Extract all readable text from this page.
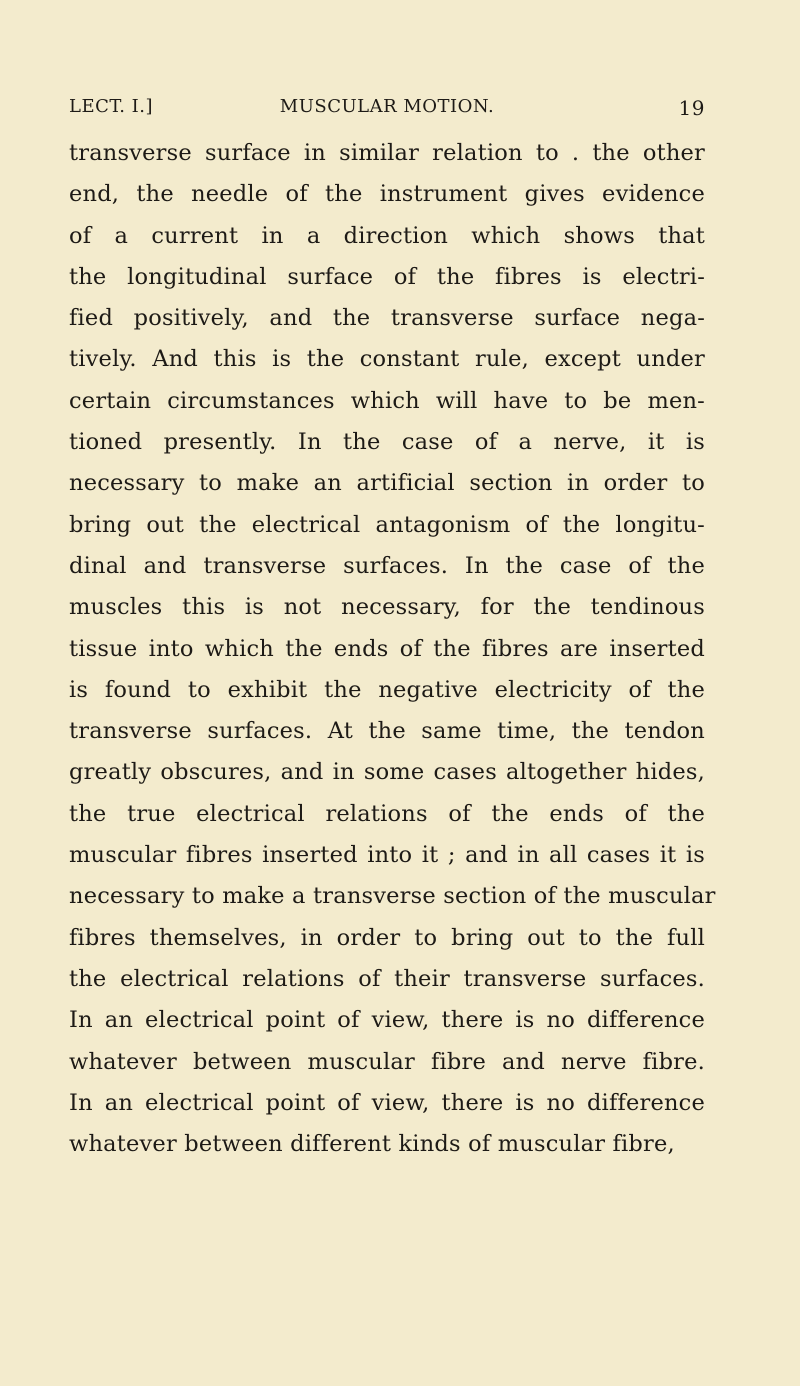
LECT. I.]	MUSCULAR MOTION.	19
transverse surface in similar relation to . the other
end, the needle of the instrument gives evidence
of a current in a direction which shows that
the longitudinal surface of the fibres is electri-
fied positively, and the transverse surface nega-
tively. And this is the constant rule, except under
certain circumstances which will have to be men-
tioned presently. In the case of a nerve, it is
necessary to make an artificial section in order to
bring out the electrical antagonism of the longitu-
dinal and transverse surfaces. In the case of the
muscles this is not necessary, for the tendinous
tissue into which the ends of the fibres are inserted
is found to exhibit the negative electricity of the
transverse surfaces. At the same time, the tendon
greatly obscures, and in some cases altogether hides,
the true electrical relations of the ends of the
muscular fibres inserted into it ; and in all cases it is
necessary to make a transverse section of the muscular
fibres themselves, in order to bring out to the full
the electrical relations of their transverse surfaces.
In an electrical point of view, there is no difference
whatever between muscular fibre and nerve fibre.
In an electrical point of view, there is no difference
whatever between different kinds of muscular fibre,
